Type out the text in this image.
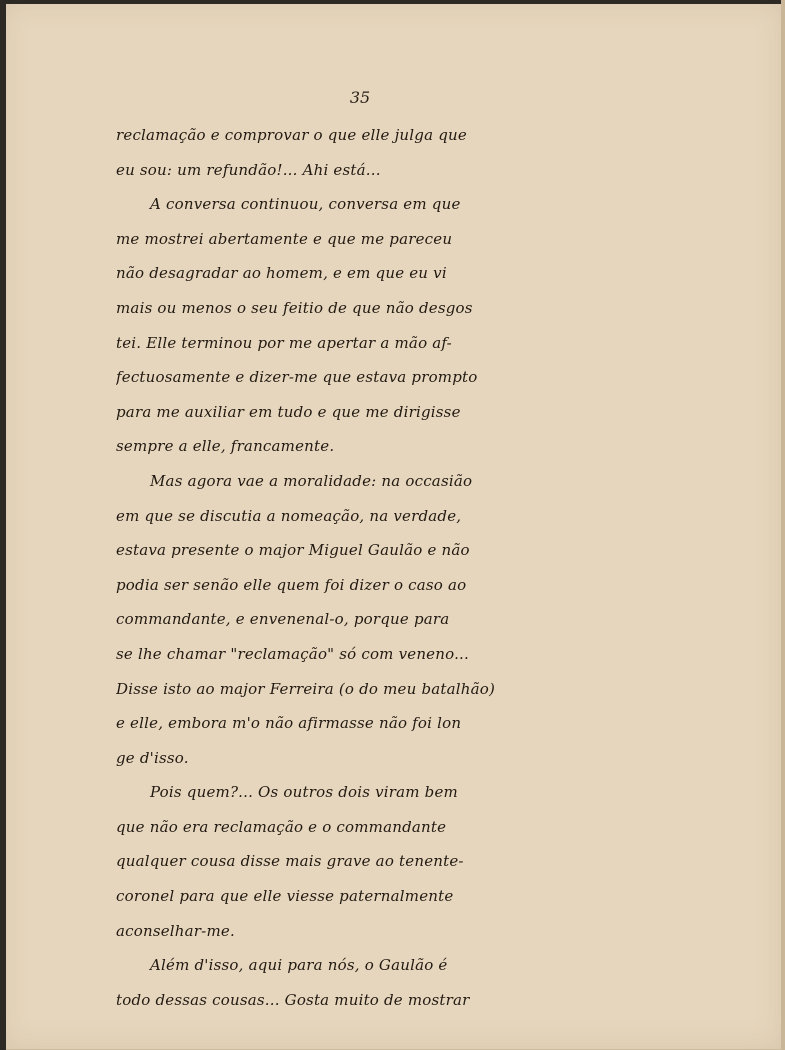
35
reclamação e comprovar o que elle julga que
eu sou: um refundão!... Ahi está...
A conversa continuou, conversa em que
me mostrei abertamente e que me pareceu
não desagradar ao homem, e em que eu vi
mais ou menos o seu feitio de que não desgos
tei. Elle terminou por me apertar a mão af-
fectuosamente e dizer-me que estava prompto
para me auxiliar em tudo e que me dirigisse
sempre a elle, francamente.
Mas agora vae a moralidade: na occasião
em que se discutia a nomeação, na verdade,
estava presente o major Miguel Gaulão e não
podia ser senão elle quem foi dizer o caso ao
commandante, e envenenal-o, porque para
se lhe chamar "reclamação" só com veneno...
Disse isto ao major Ferreira (o do meu batalhão)
e elle, embora m'o não afirmasse não foi lon
ge d'isso.
Pois quem?... Os outros dois viram bem
que não era reclamação e o commandante
qualquer cousa disse mais grave ao tenente-
coronel para que elle viesse paternalmente
aconselhar-me.
Além d'isso, aqui para nós, o Gaulão é
todo dessas cousas... Gosta muito de mostrar
